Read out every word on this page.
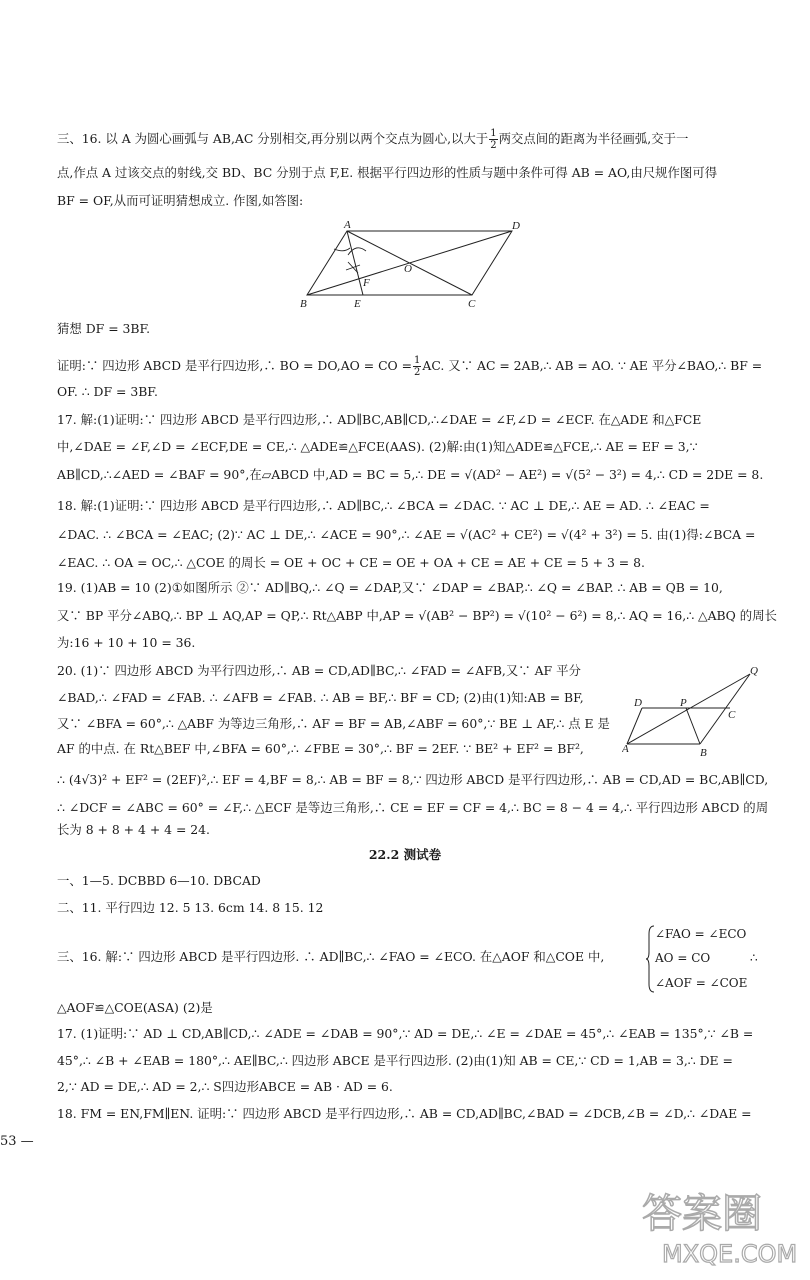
三、16. 以 A 为圆心画弧与 AB,AC 分别相交,再分别以两个交点为圆心,以大于 $\frac{1}{2}$ 两交点间的距离为半径画弧,交于一
点,作点 A 过该交点的射线,交 BD、BC 分别于点 F,E. 根据平行四边形的性质与题中条件可得 AB = AO,由尺规作图可得
BF = OF,从而可证明猜想成立. 作图,如答图:
A	D
O
F
B	E	C
猜想 DF = 3BF.
证明:∵ 四边形 ABCD 是平行四边形,∴ BO = DO,AO = CO = $\frac{1}{2}$ AC. 又∵ AC = 2AB,∴ AB = AO. ∵ AE 平分∠BAO,∴ BF =
OF. ∴ DF = 3BF.
17. 解:(1)证明:∵ 四边形 ABCD 是平行四边形,∴ AD∥BC,AB∥CD,∴∠DAE = ∠F,∠D = ∠ECF. 在△ADE 和△FCE
中,∠DAE = ∠F,∠D = ∠ECF,DE = CE,∴ △ADE≌△FCE(AAS). (2)解:由(1)知△ADE≌△FCE,∴ AE = EF = 3,∵
AB∥CD,∴∠AED = ∠BAF = 90°,在▱ABCD 中,AD = BC = 5,∴ DE = √(AD² − AE²) = √(5² − 3²) = 4,∴ CD = 2DE = 8.
18. 解:(1)证明:∵ 四边形 ABCD 是平行四边形,∴ AD∥BC,∴ ∠BCA = ∠DAC. ∵ AC ⊥ DE,∴ AE = AD. ∴ ∠EAC =
∠DAC. ∴ ∠BCA = ∠EAC; (2)∵ AC ⊥ DE,∴ ∠ACE = 90°,∴ ∠AE = √(AC² + CE²) = √(4² + 3²) = 5. 由(1)得:∠BCA =
∠EAC. ∴ OA = OC,∴ △COE 的周长 = OE + OC + CE = OE + OA + CE = AE + CE = 5 + 3 = 8.
19. (1)AB = 10 (2)①如图所示 ②∵ AD∥BQ,∴ ∠Q = ∠DAP,又∵ ∠DAP = ∠BAP,∴ ∠Q = ∠BAP. ∴ AB = QB = 10,
又∵ BP 平分∠ABQ,∴ BP ⊥ AQ,AP = QP,∴ Rt△ABP 中,AP = √(AB² − BP²) = √(10² − 6²) = 8,∴ AQ = 16,∴ △ABQ 的周长
为:16 + 10 + 10 = 36.
20. (1)∵ 四边形 ABCD 为平行四边形,∴ AB = CD,AD∥BC,∴ ∠FAD = ∠AFB,又∵ AF 平分
∠BAD,∴ ∠FAD = ∠FAB. ∴ ∠AFB = ∠FAB. ∴ AB = BF,∴ BF = CD; (2)由(1)知:AB = BF,
又∵ ∠BFA = 60°,∴ △ABF 为等边三角形,∴ AF = BF = AB,∠ABF = 60°,∵ BE ⊥ AF,∴ 点 E 是
AF 的中点. 在 Rt△BEF 中,∠BFA = 60°,∴ ∠FBE = 30°,∴ BF = 2EF. ∵ BE² + EF² = BF²,
∴ (4√3)² + EF² = (2EF)²,∴ EF = 4,BF = 8,∴ AB = BF = 8,∵ 四边形 ABCD 是平行四边形,∴ AB = CD,AD = BC,AB∥CD,
∴ ∠DCF = ∠ABC = 60° = ∠F,∴ △ECF 是等边三角形,∴ CE = EF = CF = 4,∴ BC = 8 − 4 = 4,∴ 平行四边形 ABCD 的周
长为 8 + 8 + 4 + 4 = 24.
Q
D	P
C
A	B
22.2 测试卷
一、1—5. DCBBD 6—10. DBCAD
二、11. 平行四边 12. 5 13. 6cm 14. 8 15. 12
三、16. 解:∵ 四边形 ABCD 是平行四边形. ∴ AD∥BC,∴ ∠FAO = ∠ECO. 在△AOF 和△COE 中,
∠FAO = ∠ECO
AO = CO
∠AOF = ∠COE
∴
△AOF≌△COE(ASA) (2)是
17. (1)证明:∵ AD ⊥ CD,AB∥CD,∴ ∠ADE = ∠DAB = 90°,∵ AD = DE,∴ ∠E = ∠DAE = 45°,∴ ∠EAB = 135°,∵ ∠B =
45°,∴ ∠B + ∠EAB = 180°,∴ AE∥BC,∴ 四边形 ABCE 是平行四边形. (2)由(1)知 AB = CE,∵ CD = 1,AB = 3,∴ DE =
2,∵ AD = DE,∴ AD = 2,∴ S四边形ABCE = AB · AD = 6.
18. FM = EN,FM∥EN. 证明:∵ 四边形 ABCD 是平行四边形,∴ AB = CD,AD∥BC,∠BAD = ∠DCB,∠B = ∠D,∴ ∠DAE =
53 —
答案圈
MXQE.COM
